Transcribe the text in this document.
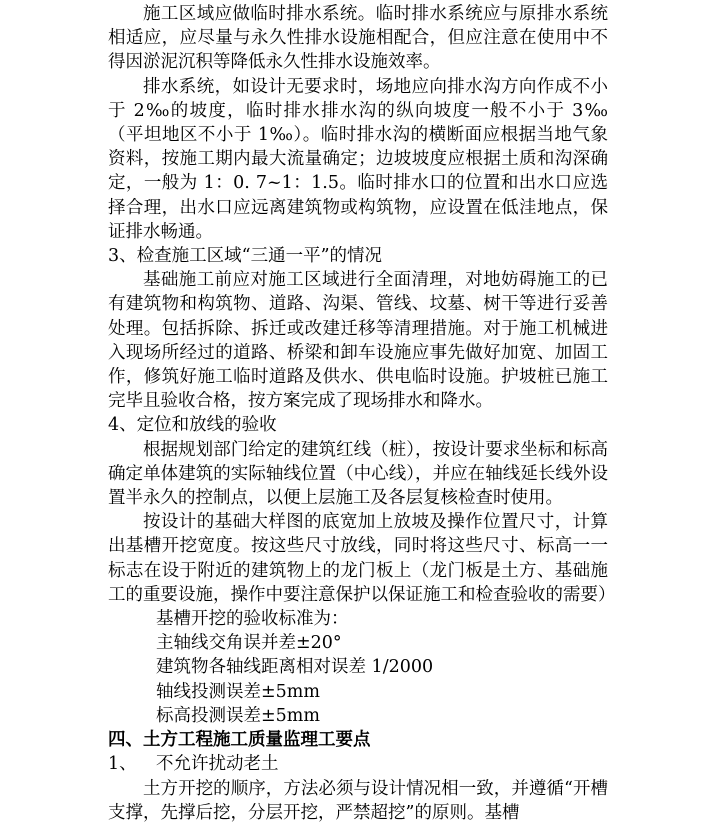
施工区域应做临时排水系统。临时排水系统应与原排水系统相适应，应尽量与永久性排水设施相配合，但应注意在使用中不得因淤泥沉积等降低永久性排水设施效率。

排水系统，如设计无要求时，场地应向排水沟方向作成不小于 2‰的坡度，临时排水排水沟的纵向坡度一般不小于 3‰（平坦地区不小于 1‰）。临时排水沟的横断面应根据当地气象资料，按施工期内最大流量确定；边坡坡度应根据土质和沟深确定，一般为 1：0. 7~1：1.5。临时排水口的位置和出水口应选择合理，出水口应远离建筑物或构筑物，应设置在低洼地点，保证排水畅通。

3、检查施工区域“三通一平”的情况

基础施工前应对施工区域进行全面清理，对地妨碍施工的已有建筑物和构筑物、道路、沟渠、管线、坟墓、树干等进行妥善处理。包括拆除、拆迁或改建迁移等清理措施。对于施工机械进入现场所经过的道路、桥梁和卸车设施应事先做好加宽、加固工作，修筑好施工临时道路及供水、供电临时设施。护坡桩已施工完毕且验收合格，按方案完成了现场排水和降水。

4、定位和放线的验收

根据规划部门给定的建筑红线（桩），按设计要求坐标和标高确定单体建筑的实际轴线位置（中心线），并应在轴线延长线外设置半永久的控制点，以便上层施工及各层复核检查时使用。

按设计的基础大样图的底宽加上放坡及操作位置尺寸，计算出基槽开挖宽度。按这些尺寸放线，同时将这些尺寸、标高一一标志在设于附近的建筑物上的龙门板上（龙门板是土方、基础施工的重要设施，操作中要注意保护以保证施工和检查验收的需要）

基槽开挖的验收标准为：

主轴线交角误并差±20°

建筑物各轴线距离相对误差 1/2000

轴线投测误差±5mm

标高投测误差±5mm

四、土方工程施工质量监理工要点

1、 不允许扰动老土

土方开挖的顺序，方法必须与设计情况相一致，并遵循“开槽支撑，先撑后挖，分层开挖，严禁超挖”的原则。基槽
